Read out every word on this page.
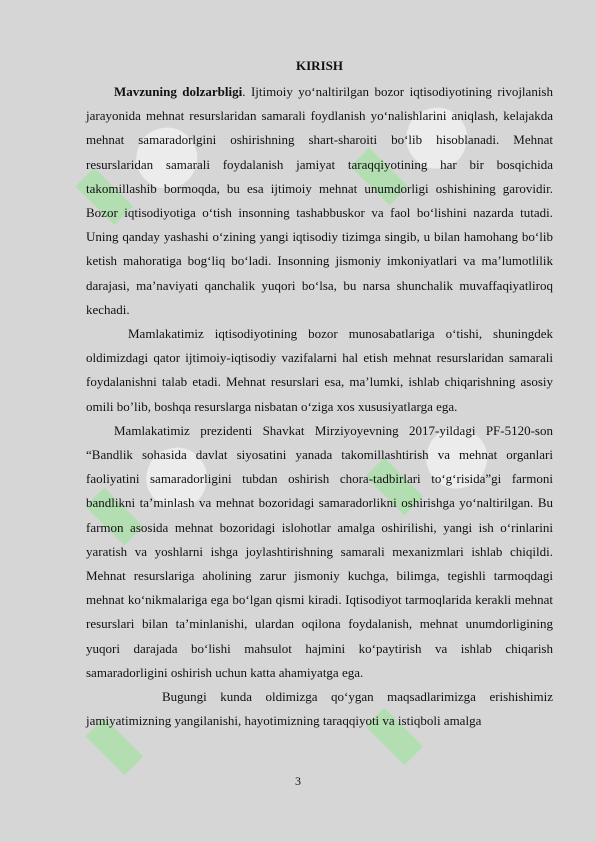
⬤
▮
⬤
▮
⬤
▮
⬤
▮
▮	▮
KIRISH

Mavzuning dolzarbligi. Ijtimoiy yo‘naltirilgan bozor iqtisodiyotining rivojlanish jarayonida mehnat resurslaridan samarali foydlanish yo‘nalishlarini aniqlash, kelajakda mehnat samaradorlgini oshirishning shart-sharoiti bo‘lib hisoblanadi. Mehnat resurslaridan samarali foydalanish jamiyat taraqqiyotining har bir bosqichida takomillashib bormoqda, bu esa ijtimoiy mehnat unumdorligi oshishining garovidir. Bozor iqtisodiyotiga o‘tish insonning tashabbuskor va faol bo‘lishini nazarda tutadi. Uning qanday yashashi o‘zining yangi iqtisodiy tizimga singib, u bilan hamohang bo‘lib ketish mahoratiga bog‘liq bo‘ladi. Insonning jismoniy imkoniyatlari va ma’lumotlilik darajasi, ma’naviyati qanchalik yuqori bo‘lsa, bu narsa shunchalik muvaffaqiyatliroq kechadi.

Mamlakatimiz iqtisodiyotining bozor munosabatlariga o‘tishi, shuningdek oldimizdagi qator ijtimoiy-iqtisodiy vazifalarni hal etish mehnat resurslaridan samarali foydalanishni talab etadi. Mehnat resurslari esa, ma’lumki, ishlab chiqarishning asosiy omili bo’lib, boshqa resurslarga nisbatan o‘ziga xos xususiyatlarga ega.

Mamlakatimiz prezidenti Shavkat Mirziyoyevning 2017-yildagi PF-5120-son “Bandlik sohasida davlat siyosatini yanada takomillashtirish va mehnat organlari faoliyatini samaradorligini tubdan oshirish chora-tadbirlari to‘g‘risida”gi farmoni bandlikni ta’minlash va mehnat bozoridagi samaradorlikni oshirishga yo‘naltirilgan. Bu farmon asosida mehnat bozoridagi islohotlar amalga oshirilishi, yangi ish o‘rinlarini yaratish va yoshlarni ishga joylashtirishning samarali mexanizmlari ishlab chiqildi. Mehnat resurslariga aholining zarur jismoniy kuchga, bilimga, tegishli tarmoqdagi mehnat ko‘nikmalariga ega bo‘lgan qismi kiradi. Iqtisodiyot tarmoqlarida kerakli mehnat resurslari bilan ta’minlanishi, ulardan oqilona foydalanish, mehnat unumdorligining yuqori darajada bo‘lishi mahsulot hajmini ko‘paytirish va ishlab chiqarish samaradorligini oshirish uchun katta ahamiyatga ega.

Bugungi kunda oldimizga qo‘ygan maqsadlarimizga erishishimiz jamiyatimizning yangilanishi, hayotimizning taraqqiyoti va istiqboli amalga

3
